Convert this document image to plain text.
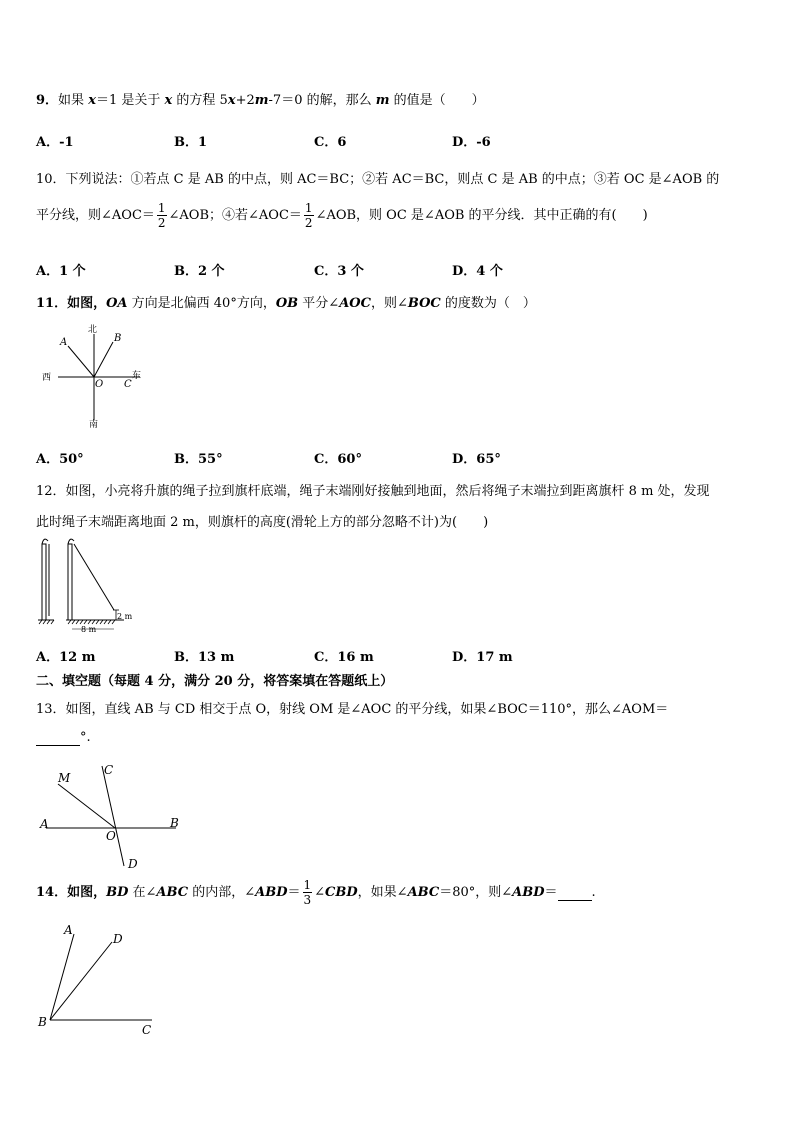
9．如果 x＝1 是关于 x 的方程 5x+2m-7＝0 的解，那么 m 的值是（　　）
A．-1	B．1	C．6	D．-6
10．下列说法：①若点 C 是 AB 的中点，则 AC＝BC；②若 AC＝BC，则点 C 是 AB 的中点；③若 OC 是∠AOB 的
平分线，则∠AOC＝ $\frac{1}{2}$ ∠AOB；④若∠AOC＝ $\frac{1}{2}$ ∠AOB，则 OC 是∠AOB 的平分线．其中正确的有(　　)
A．1 个	B．2 个	C．3 个	D．4 个
11．如图，OA 方向是北偏西 40°方向，OB 平分∠AOC，则∠BOC 的度数为（　）
北
南
西	东
A	B
O C
A．50°	B．55°	C．60°	D．65°
12．如图，小亮将升旗的绳子拉到旗杆底端，绳子末端刚好接触到地面，然后将绳子末端拉到距离旗杆 8 m 处，发现
此时绳子末端距离地面 2 m，则旗杆的高度(滑轮上方的部分忽略不计)为(　　)
8 m
2 m
A．12 m	B．13 m	C．16 m	D．17 m
二、填空题（每题 4 分，满分 20 分，将答案填在答题纸上）
13．如图，直线 AB 与 CD 相交于点 O，射线 OM 是∠AOC 的平分线，如果∠BOC＝110°，那么∠AOM＝
°.
M
C
A
O
B
D
14．如图，BD 在∠ABC 的内部，∠ABD＝ $\frac{1}{3}$ ∠CBD，如果∠ABC＝80°，则∠ABD＝	.
A
D
B
C
